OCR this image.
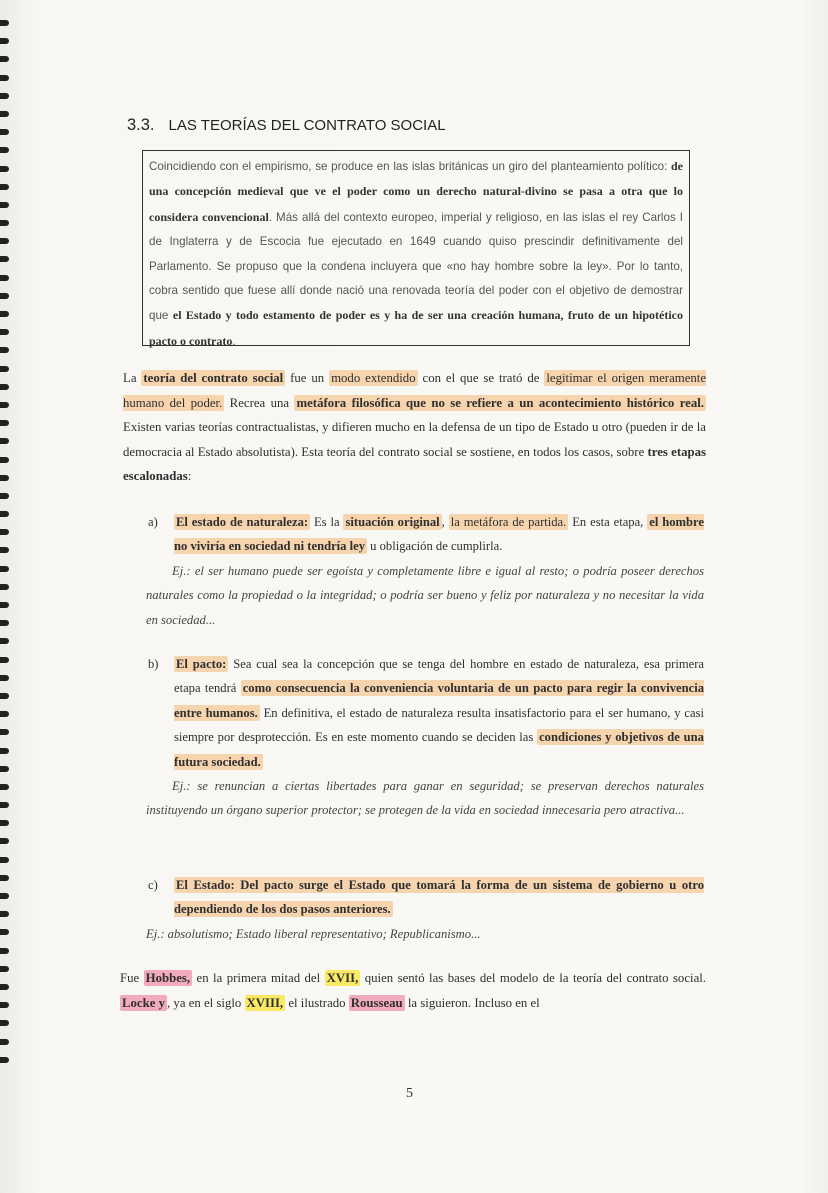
3.3. LAS TEORÍAS DEL CONTRATO SOCIAL
Coincidiendo con el empirismo, se produce en las islas británicas un giro del planteamiento político: de una concepción medieval que ve el poder como un derecho natural-divino se pasa a otra que lo considera convencional. Más allá del contexto europeo, imperial y religioso, en las islas el rey Carlos I de Inglaterra y de Escocia fue ejecutado en 1649 cuando quiso prescindir definitivamente del Parlamento. Se propuso que la condena incluyera que «no hay hombre sobre la ley». Por lo tanto, cobra sentido que fuese allí donde nació una renovada teoría del poder con el objetivo de demostrar que el Estado y todo estamento de poder es y ha de ser una creación humana, fruto de un hipotético pacto o contrato.
La teoría del contrato social fue un modo extendido con el que se trató de legitimar el origen meramente humano del poder. Recrea una metáfora filosófica que no se refiere a un acontecimiento histórico real. Existen varias teorías contractualistas, y difieren mucho en la defensa de un tipo de Estado u otro (pueden ir de la democracia al Estado absolutista). Esta teoría del contrato social se sostiene, en todos los casos, sobre tres etapas escalonadas:
a)	El estado de naturaleza: Es la situación original , la metáfora de partida. En esta etapa, el hombre no viviría en sociedad ni tendría ley u obligación de cumplirla.
Ej.: el ser humano puede ser egoísta y completamente libre e igual al resto; o podría poseer derechos naturales como la propiedad o la integridad; o podría ser bueno y feliz por naturaleza y no necesitar la vida en sociedad...
b)	El pacto: Sea cual sea la concepción que se tenga del hombre en estado de naturaleza, esa primera etapa tendrá como consecuencia la conveniencia voluntaria de un pacto para regir la convivencia entre humanos. En definitiva, el estado de naturaleza resulta insatisfactorio para el ser humano, y casi siempre por desprotección. Es en este momento cuando se deciden las condiciones y objetivos de una futura sociedad.
Ej.: se renuncian a ciertas libertades para ganar en seguridad; se preservan derechos naturales instituyendo un órgano superior protector; se protegen de la vida en sociedad innecesaria pero atractiva...
c)	El Estado: Del pacto surge el Estado que tomará la forma de un sistema de gobierno u otro dependiendo de los dos pasos anteriores.
Ej.: absolutismo; Estado liberal representativo; Republicanismo...
Fue Hobbes, en la primera mitad del XVII, quien sentó las bases del modelo de la teoría del contrato social. Locke y , ya en el siglo XVIII, el ilustrado Rousseau la siguieron. Incluso en el
5
